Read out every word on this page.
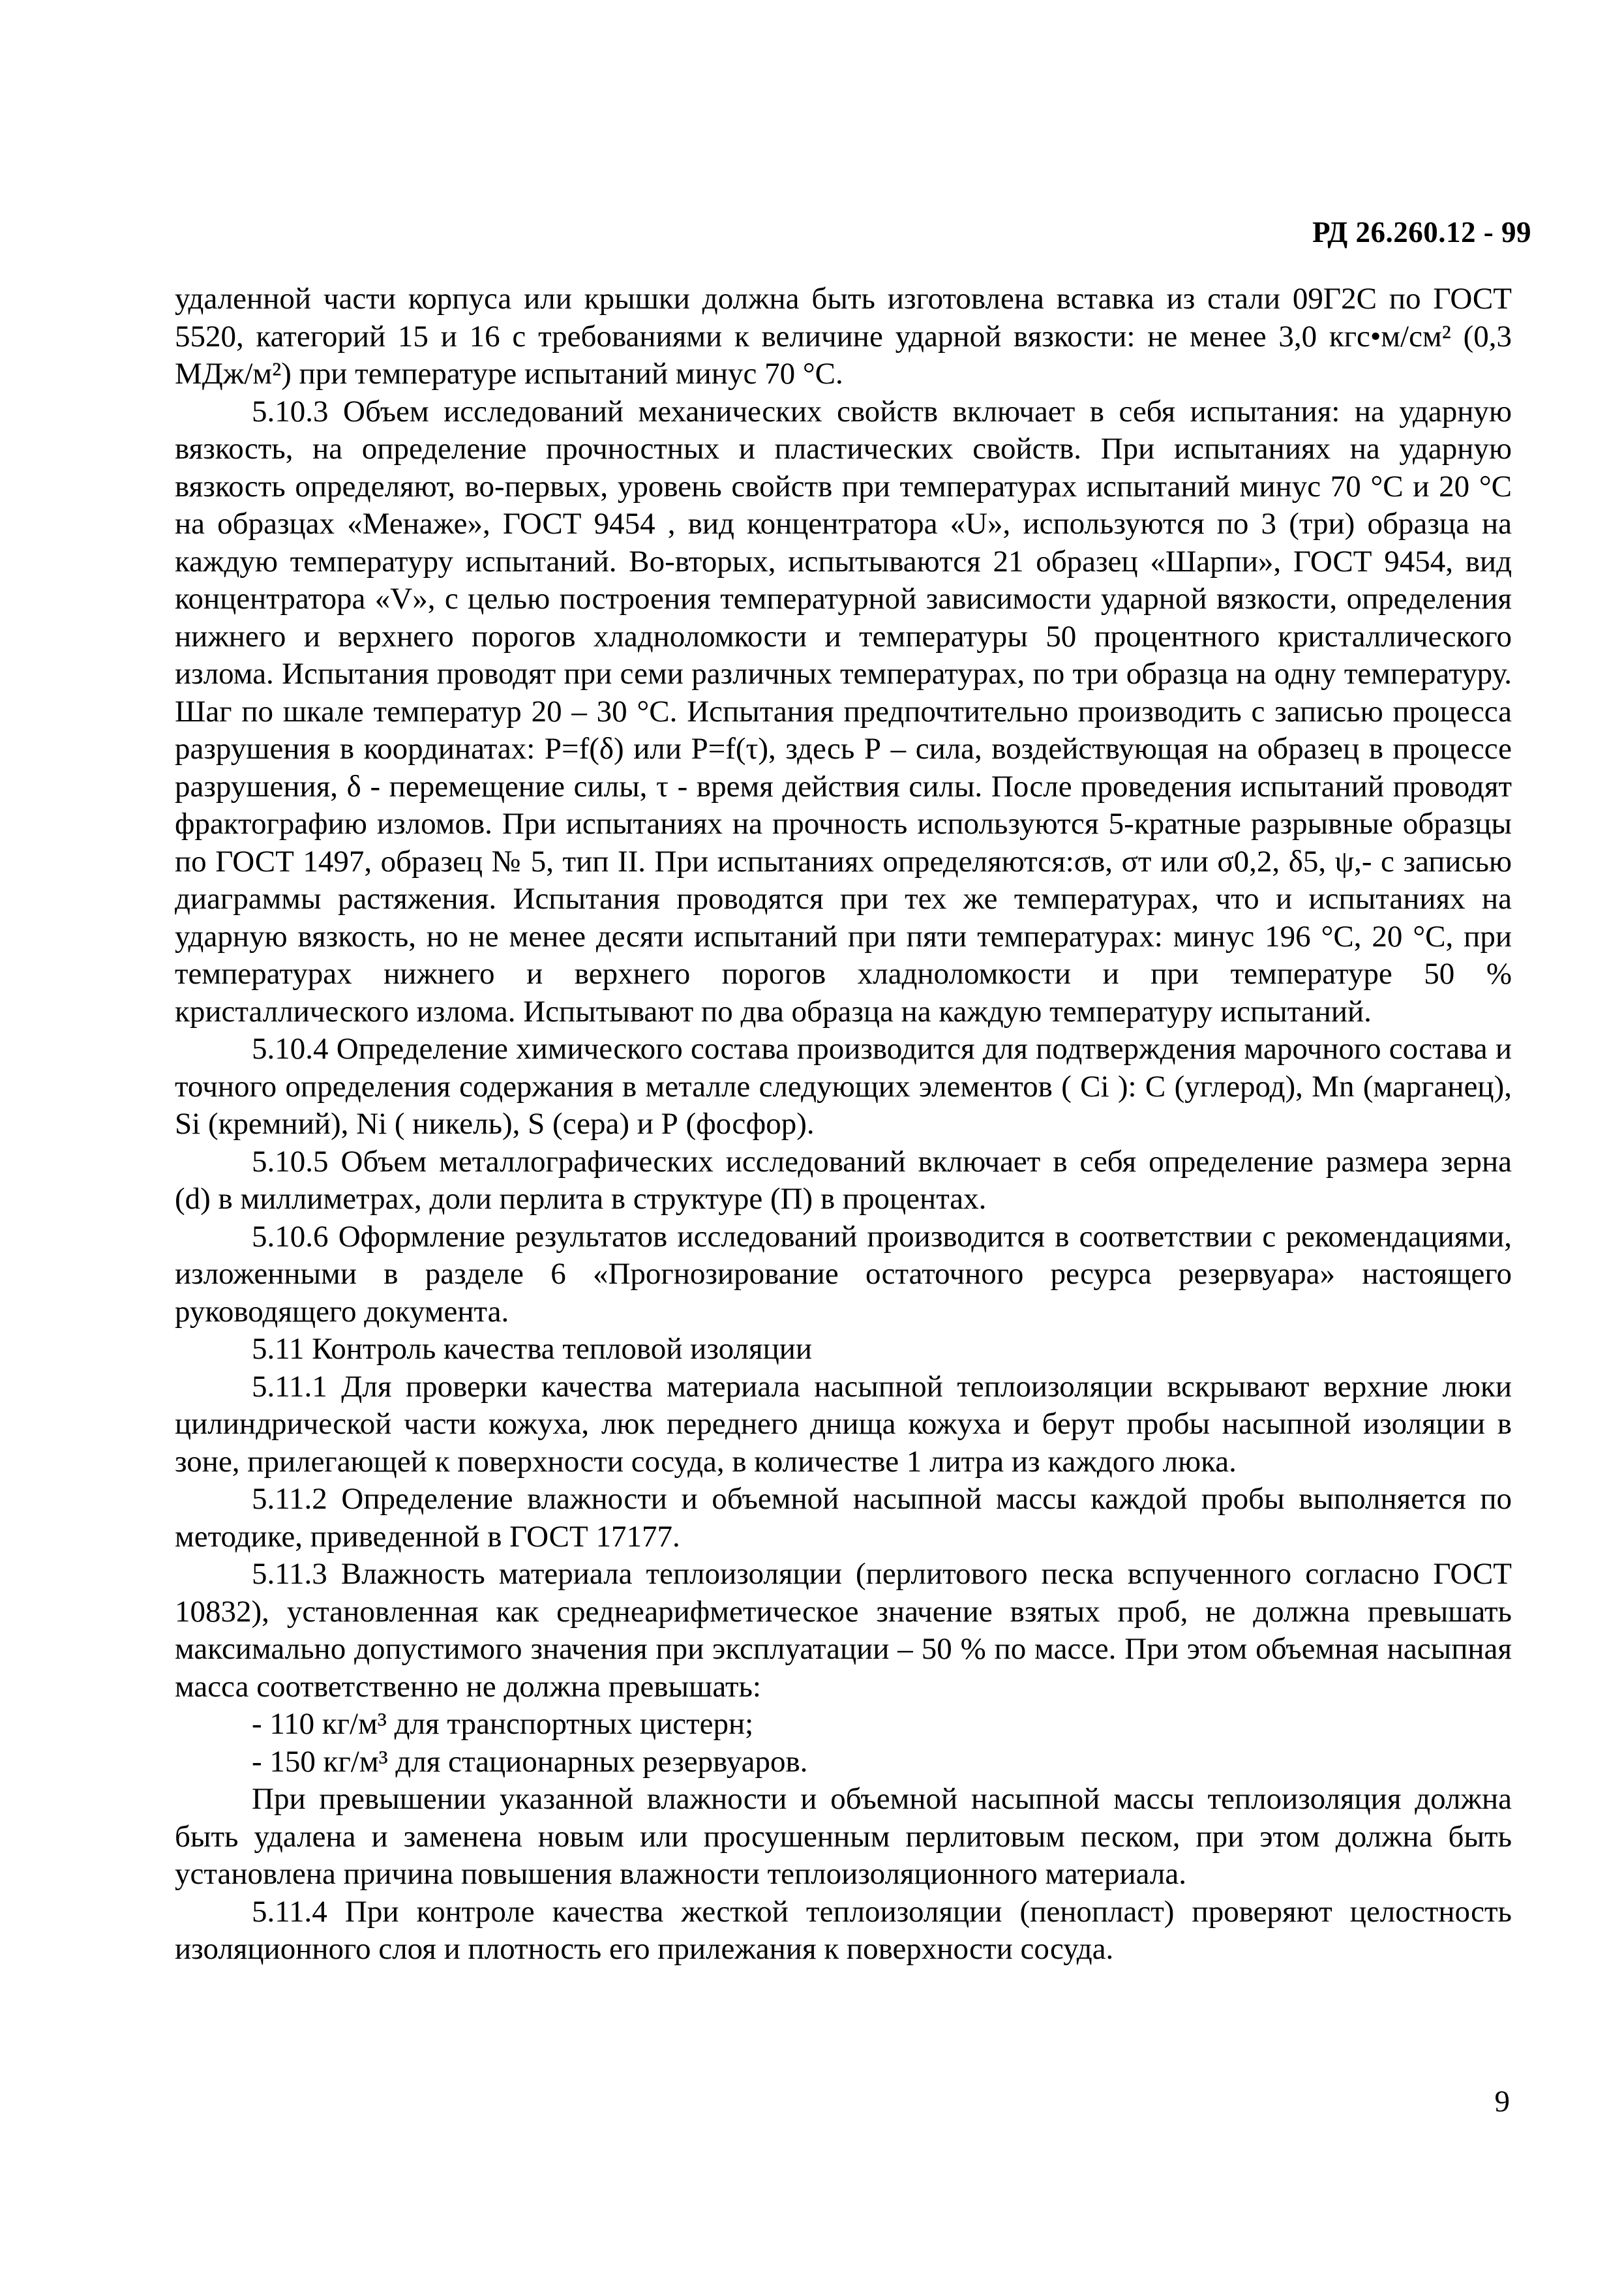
РД 26.260.12 - 99

удаленной части корпуса или крышки должна быть изготовлена вставка из стали 09Г2С по ГОСТ 5520, категорий 15 и 16 с требованиями к величине ударной вязкости: не менее 3,0 кгс•м/см² (0,3 МДж/м²) при температуре испытаний минус 70 °С.

5.10.3 Объем исследований механических свойств включает в себя испытания: на ударную вязкость, на определение прочностных и пластических свойств. При испытаниях на ударную вязкость определяют, во-первых, уровень свойств при температурах испытаний минус 70 °С и 20 °С на образцах «Менаже», ГОСТ 9454 , вид концентратора «U», используются по 3 (три) образца на каждую температуру испытаний. Во-вторых, испытываются 21 образец «Шарпи», ГОСТ 9454, вид концентратора «V», с целью построения температурной зависимости ударной вязкости, определения нижнего и верхнего порогов хладноломкости и температуры 50 процентного кристаллического излома. Испытания проводят при семи различных температурах, по три образца на одну температуру. Шаг по шкале температур 20 – 30 °С. Испытания предпочтительно производить с записью процесса разрушения в координатах: P=f(δ) или P=f(τ), здесь Р – сила, воздействующая на образец в процессе разрушения, δ - перемещение силы, τ - время действия силы. После проведения испытаний проводят фрактографию изломов. При испытаниях на прочность используются 5-кратные разрывные образцы по ГОСТ 1497, образец № 5, тип II. При испытаниях определяются:σв, σт или σ0,2, δ5, ψ,- с записью диаграммы растяжения. Испытания проводятся при тех же температурах, что и испытаниях на ударную вязкость, но не менее десяти испытаний при пяти температурах: минус 196 °С, 20 °С, при температурах нижнего и верхнего порогов хладноломкости и при температуре 50 % кристаллического излома. Испытывают по два образца на каждую температуру испытаний.

5.10.4 Определение химического состава производится для подтверждения марочного состава и точного определения содержания в металле следующих элементов ( Ci ): С (углерод), Mn (марганец), Si (кремний), Ni ( никель), S (сера) и Р (фосфор).

5.10.5 Объем металлографических исследований включает в себя определение размера зерна (d) в миллиметрах, доли перлита в структуре (П) в процентах.

5.10.6 Оформление результатов исследований производится в соответствии с рекомендациями, изложенными в разделе 6 «Прогнозирование остаточного ресурса резервуара» настоящего руководящего документа.

5.11 Контроль качества тепловой изоляции

5.11.1 Для проверки качества материала насыпной теплоизоляции вскрывают верхние люки цилиндрической части кожуха, люк переднего днища кожуха и берут пробы насыпной изоляции в зоне, прилегающей к поверхности сосуда, в количестве 1 литра из каждого люка.

5.11.2 Определение влажности и объемной насыпной массы каждой пробы выполняется по методике, приведенной в ГОСТ 17177.

5.11.3 Влажность материала теплоизоляции (перлитового песка вспученного согласно ГОСТ 10832), установленная как среднеарифметическое значение взятых проб, не должна превышать максимально допустимого значения при эксплуатации – 50 % по массе. При этом объемная насыпная масса соответственно не должна превышать:

- 110 кг/м³ для транспортных цистерн;

- 150 кг/м³ для стационарных резервуаров.

При превышении указанной влажности и объемной насыпной массы теплоизоляция должна быть удалена и заменена новым или просушенным перлитовым песком, при этом должна быть установлена причина повышения влажности теплоизоляционного материала.

5.11.4 При контроле качества жесткой теплоизоляции (пенопласт) проверяют целостность изоляционного слоя и плотность его прилежания к поверхности сосуда.

9
